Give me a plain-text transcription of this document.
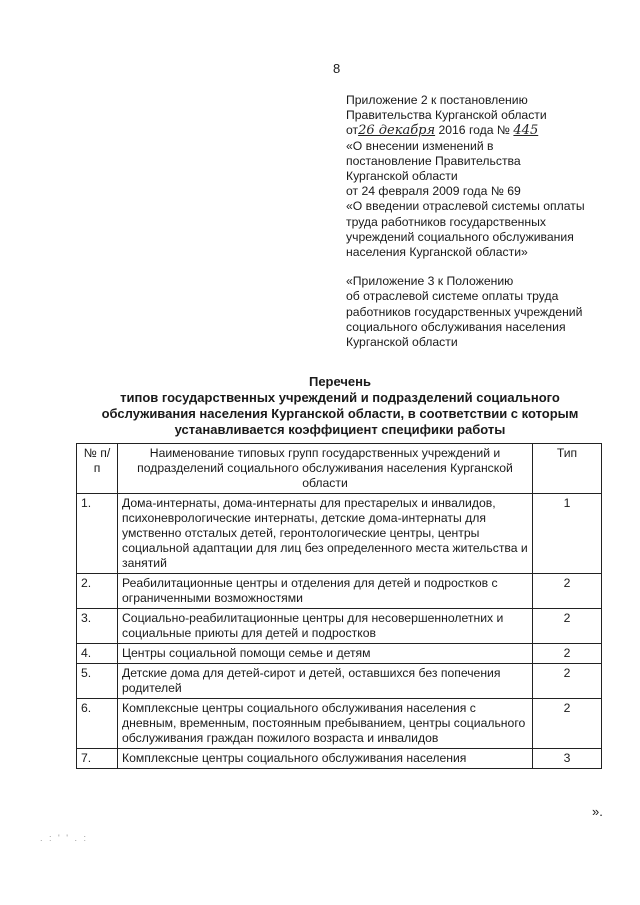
8
Приложение 2 к постановлению
Правительства Курганской области
от26 декабря 2016 года № 445
«О внесении изменений в
постановление Правительства
Курганской области
от 24 февраля 2009 года № 69
«О введении отраслевой системы оплаты
труда работников государственных
учреждений социального обслуживания
населения Курганской области»
«Приложение 3 к Положению
об отраслевой системе оплаты труда
работников государственных учреждений
социального обслуживания населения
Курганской области
Перечень
типов государственных учреждений и подразделений социального
обслуживания населения Курганской области, в соответствии с которым
устанавливается коэффициент специфики работы
№ п/п	Наименование типовых групп государственных учреждений и подразделений социального обслуживания населения Курганской области	Тип
1.	Дома-интернаты, дома-интернаты для престарелых и инвалидов, психоневрологические интернаты, детские дома-интернаты для умственно отсталых детей, геронтологические центры, центры социальной адаптации для лиц без определенного места жительства и занятий	1
2.	Реабилитационные центры и отделения для детей и подростков с ограниченными возможностями	2
3.	Социально-реабилитационные центры для несовершеннолетних и социальные приюты для детей и подростков	2
4.	Центры социальной помощи семье и детям	2
5.	Детские дома для детей-сирот и детей, оставшихся без попечения родителей	2
6.	Комплексные центры социального обслуживания населения с дневным, временным, постоянным пребыванием, центры социального обслуживания граждан пожилого возраста и инвалидов	2
7.	Комплексные центры социального обслуживания населения	3
».
. : ' ' . :
